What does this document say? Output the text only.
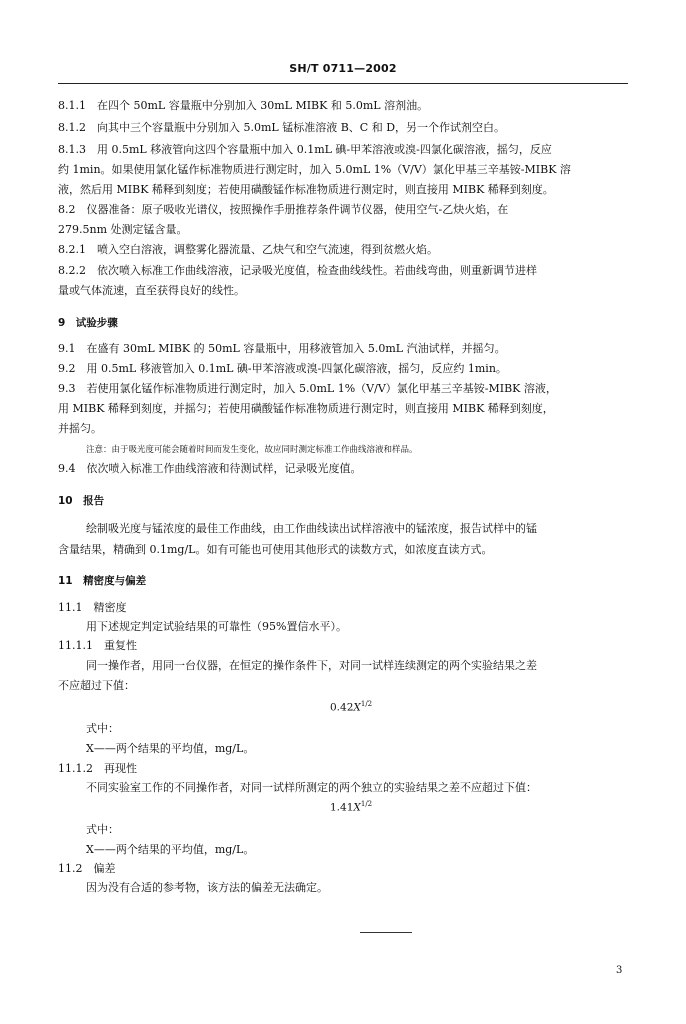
SH/T 0711—2002
8.1.1　在四个 50mL 容量瓶中分别加入 30mL MIBK 和 5.0mL 溶剂油。
8.1.2　向其中三个容量瓶中分别加入 5.0mL 锰标准溶液 B、C 和 D，另一个作试剂空白。
8.1.3　用 0.5mL 移液管向这四个容量瓶中加入 0.1mL 碘-甲苯溶液或溴-四氯化碳溶液，摇匀，反应
约 1min。如果使用氯化锰作标准物质进行测定时，加入 5.0mL 1%（V/V）氯化甲基三辛基铵-MIBK 溶
液，然后用 MIBK 稀释到刻度；若使用磺酸锰作标准物质进行测定时，则直接用 MIBK 稀释到刻度。
8.2　仪器准备：原子吸收光谱仪，按照操作手册推荐条件调节仪器，使用空气-乙炔火焰，在
279.5nm 处测定锰含量。
8.2.1　喷入空白溶液，调整雾化器流量、乙炔气和空气流速，得到贫燃火焰。
8.2.2　依次喷入标准工作曲线溶液，记录吸光度值，检查曲线线性。若曲线弯曲，则重新调节进样
量或气体流速，直至获得良好的线性。
9　试验步骤
9.1　在盛有 30mL MIBK 的 50mL 容量瓶中，用移液管加入 5.0mL 汽油试样，并摇匀。
9.2　用 0.5mL 移液管加入 0.1mL 碘-甲苯溶液或溴-四氯化碳溶液，摇匀，反应约 1min。
9.3　若使用氯化锰作标准物质进行测定时，加入 5.0mL 1%（V/V）氯化甲基三辛基铵-MIBK 溶液，
用 MIBK 稀释到刻度，并摇匀；若使用磺酸锰作标准物质进行测定时，则直接用 MIBK 稀释到刻度，
并摇匀。
注意：由于吸光度可能会随着时间而发生变化，故应同时测定标准工作曲线溶液和样品。
9.4　依次喷入标准工作曲线溶液和待测试样，记录吸光度值。
10　报告
绘制吸光度与锰浓度的最佳工作曲线，由工作曲线读出试样溶液中的锰浓度，报告试样中的锰
含量结果，精确到 0.1mg/L。如有可能也可使用其他形式的读数方式，如浓度直读方式。
11　精密度与偏差
11.1　精密度
用下述规定判定试验结果的可靠性（95%置信水平）。
11.1.1　重复性
同一操作者，用同一台仪器，在恒定的操作条件下，对同一试样连续测定的两个实验结果之差
不应超过下值：
$0.42X^{1/2}$
式中：
X——两个结果的平均值，mg/L。
11.1.2　再现性
不同实验室工作的不同操作者，对同一试样所测定的两个独立的实验结果之差不应超过下值：
$1.41X^{1/2}$
式中：
X——两个结果的平均值，mg/L。
11.2　偏差
因为没有合适的参考物，该方法的偏差无法确定。
3
